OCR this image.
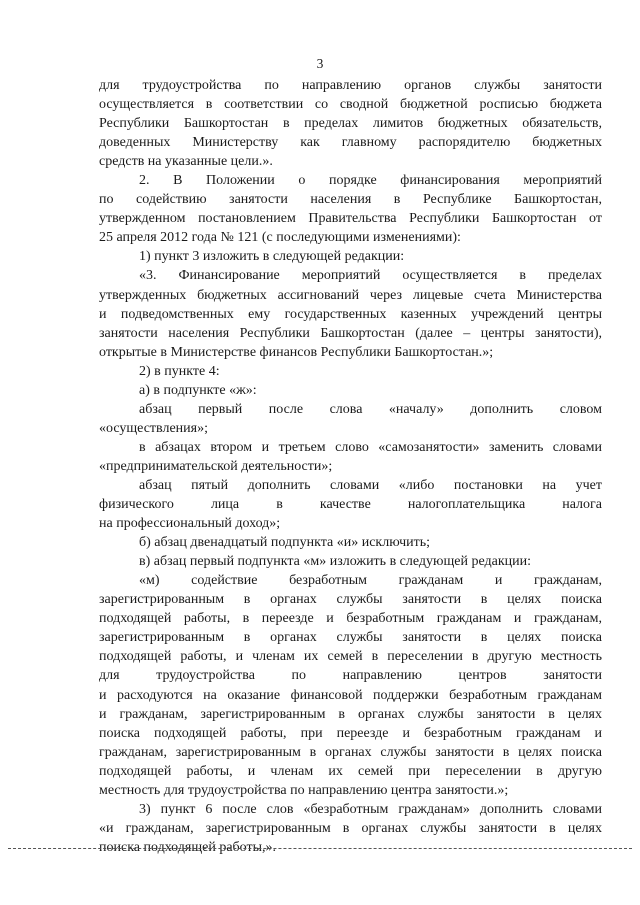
3
для трудоустройства по направлению органов службы занятости
осуществляется в соответствии со сводной бюджетной росписью бюджета
Республики Башкортостан в пределах лимитов бюджетных обязательств,
доведенных Министерству как главному распорядителю бюджетных
средств на указанные цели.».
2. В Положении о порядке финансирования мероприятий
по содействию занятости населения в Республике Башкортостан,
утвержденном постановлением Правительства Республики Башкортостан от
25 апреля 2012 года № 121 (с последующими изменениями):
1) пункт 3 изложить в следующей редакции:
«3. Финансирование мероприятий осуществляется в пределах
утвержденных бюджетных ассигнований через лицевые счета Министерства
и подведомственных ему государственных казенных учреждений центры
занятости населения Республики Башкортостан (далее – центры занятости),
открытые в Министерстве финансов Республики Башкортостан.»;
2) в пункте 4:
а) в подпункте «ж»:
абзац первый после слова «началу» дополнить словом
«осуществления»;
в абзацах втором и третьем слово «самозанятости» заменить словами
«предпринимательской деятельности»;
абзац пятый дополнить словами «либо постановки на учет
физического лица в качестве налогоплательщика налога
на профессиональный доход»;
б) абзац двенадцатый подпункта «и» исключить;
в) абзац первый подпункта «м» изложить в следующей редакции:
«м) содействие безработным гражданам и гражданам,
зарегистрированным в органах службы занятости в целях поиска
подходящей работы, в переезде и безработным гражданам и гражданам,
зарегистрированным в органах службы занятости в целях поиска
подходящей работы, и членам их семей в переселении в другую местность
для трудоустройства по направлению центров занятости
и расходуются на оказание финансовой поддержки безработным гражданам
и гражданам, зарегистрированным в органах службы занятости в целях
поиска подходящей работы, при переезде и безработным гражданам и
гражданам, зарегистрированным в органах службы занятости в целях поиска
подходящей работы, и членам их семей при переселении в другую
местность для трудоустройства по направлению центра занятости.»;
3) пункт 6 после слов «безработным гражданам» дополнить словами
«и гражданам, зарегистрированным в органах службы занятости в целях
поиска подходящей работы,».
